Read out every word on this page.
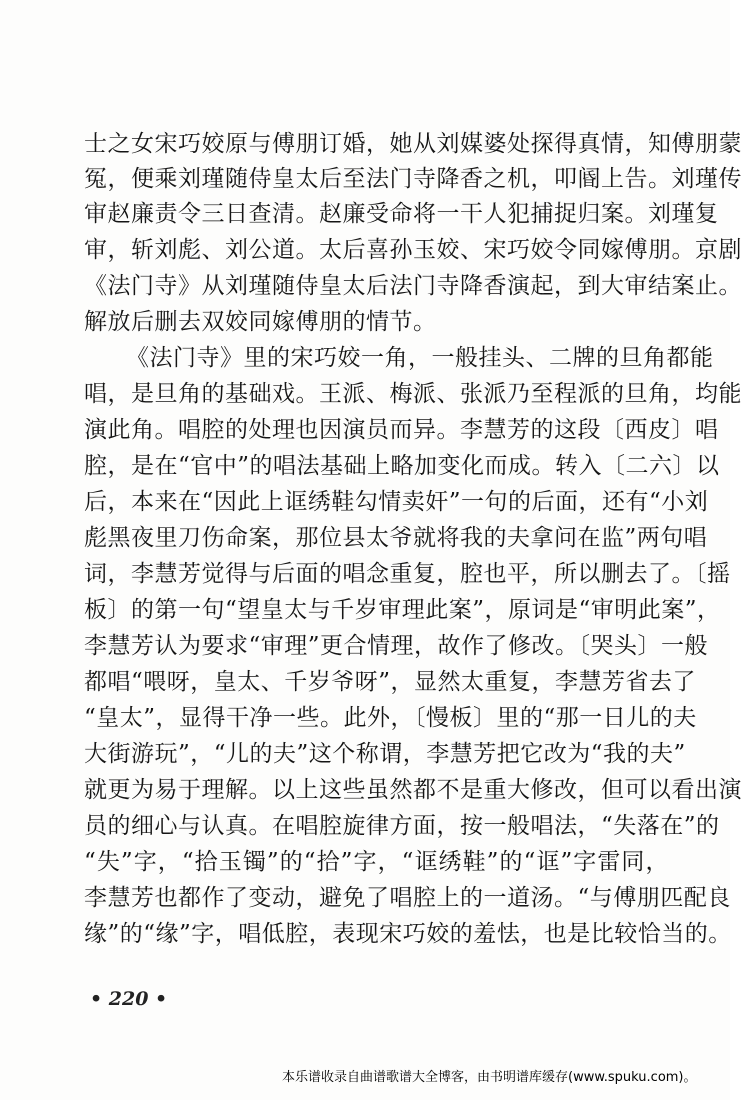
士之女宋巧姣原与傅朋订婚，她从刘媒婆处探得真情，知傅朋蒙
冤，便乘刘瑾随侍皇太后至法门寺降香之机，叩阍上告。刘瑾传
审赵廉责令三日查清。赵廉受命将一干人犯捕捉归案。刘瑾复
审，斩刘彪、刘公道。太后喜孙玉姣、宋巧姣令同嫁傅朋。京剧
《法门寺》从刘瑾随侍皇太后法门寺降香演起，到大审结案止。
解放后删去双姣同嫁傅朋的情节。
《法门寺》里的宋巧姣一角，一般挂头、二牌的旦角都能
唱，是旦角的基础戏。王派、梅派、张派乃至程派的旦角，均能
演此角。唱腔的处理也因演员而异。李慧芳的这段〔西皮〕唱
腔，是在“官中”的唱法基础上略加变化而成。转入〔二六〕以
后，本来在“因此上诓绣鞋勾情卖奸”一句的后面，还有“小刘
彪黑夜里刀伤命案，那位县太爷就将我的夫拿问在监”两句唱
词，李慧芳觉得与后面的唱念重复，腔也平，所以删去了。〔摇
板〕的第一句“望皇太与千岁审理此案”，原词是“审明此案”，
李慧芳认为要求“审理”更合情理，故作了修改。〔哭头〕一般
都唱“喂呀，皇太、千岁爷呀”，显然太重复，李慧芳省去了
“皇太”，显得干净一些。此外，〔慢板〕里的“那一日儿的夫
大街游玩”，“儿的夫”这个称谓，李慧芳把它改为“我的夫”
就更为易于理解。以上这些虽然都不是重大修改，但可以看出演
员的细心与认真。在唱腔旋律方面，按一般唱法，“失落在”的
“失”字，“拾玉镯”的“拾”字，“诓绣鞋”的“诓”字雷同，
李慧芳也都作了变动，避免了唱腔上的一道汤。“与傅朋匹配良
缘”的“缘”字，唱低腔，表现宋巧姣的羞怯，也是比较恰当的。
• 220 •
本乐谱收录自曲谱歌谱大全博客，由书明谱库缓存(www.spuku.com)。
